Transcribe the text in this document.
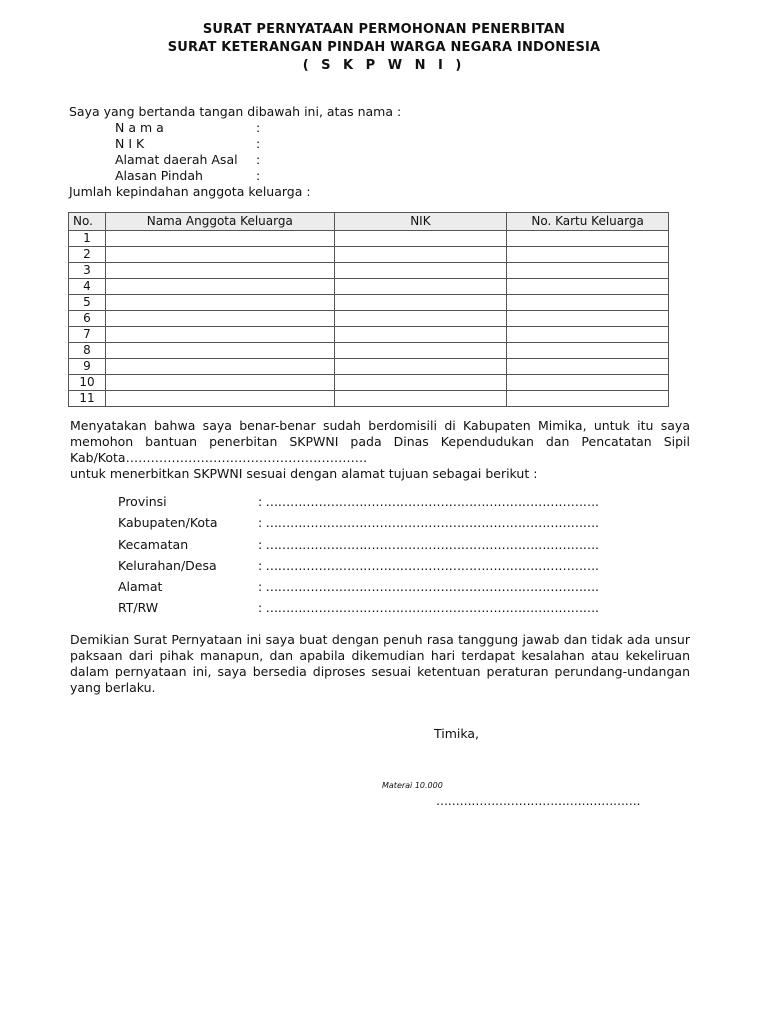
SURAT PERNYATAAN PERMOHONAN PENERBITAN
SURAT KETERANGAN PINDAH WARGA NEGARA INDONESIA
( S K P W N I )
Saya yang bertanda tangan dibawah ini, atas nama :
N a m a	:
N I K	:
Alamat daerah Asal :
Alasan Pindah	:
Jumlah kepindahan anggota keluarga :
No.	Nama Anggota Keluarga	NIK	No. Kartu Keluarga
1			
2			
3			
4			
5			
6			
7			
8			
9			
10			
11			
Menyatakan bahwa saya benar-benar sudah berdomisili di Kabupaten Mimika, untuk itu saya
memohon bantuan penerbitan SKPWNI pada Dinas Kependudukan dan Pencatatan Sipil
Kab/Kota………………………………………………….
untuk menerbitkan SKPWNI sesuai dengan alamat tujuan sebagai berikut :
Provinsi	: ……………………………………………………………………….
Kabupaten/Kota	: ……………………………………………………………………….
Kecamatan	: ……………………………………………………………………….
Kelurahan/Desa	: ……………………………………………………………………….
Alamat	: ……………………………………………………………………….
RT/RW	: ……………………………………………………………………….
Demikian Surat Pernyataan ini saya buat dengan penuh rasa tanggung jawab dan tidak ada unsur
paksaan dari pihak manapun, dan apabila dikemudian hari terdapat kesalahan atau kekeliruan
dalam pernyataan ini, saya bersedia diproses sesuai ketentuan peraturan perundang-undangan
yang berlaku.
Timika,
Materai 10.000
…………………………………………….
